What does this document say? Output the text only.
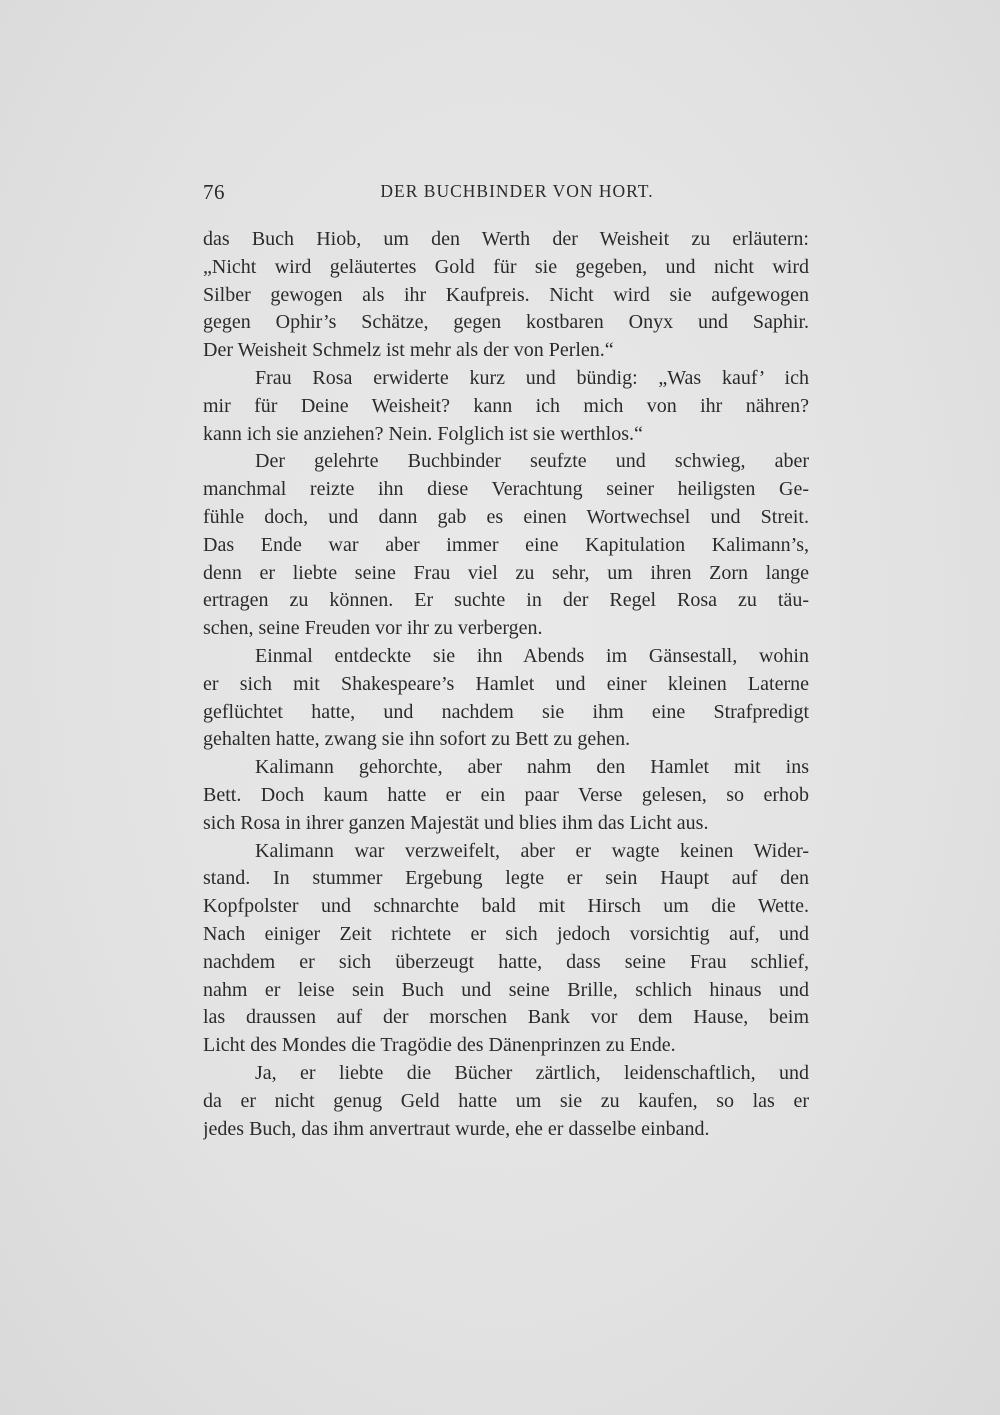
76	DER BUCHBINDER VON HORT.
das Buch Hiob, um den Werth der Weisheit zu erläutern:
„Nicht wird geläutertes Gold für sie gegeben, und nicht wird
Silber gewogen als ihr Kaufpreis. Nicht wird sie aufgewogen
gegen Ophir’s Schätze, gegen kostbaren Onyx und Saphir.
Der Weisheit Schmelz ist mehr als der von Perlen.“
Frau Rosa erwiderte kurz und bündig: „Was kauf’ ich
mir für Deine Weisheit? kann ich mich von ihr nähren?
kann ich sie anziehen? Nein. Folglich ist sie werthlos.“
Der gelehrte Buchbinder seufzte und schwieg, aber
manchmal reizte ihn diese Verachtung seiner heiligsten Ge-
fühle doch, und dann gab es einen Wortwechsel und Streit.
Das Ende war aber immer eine Kapitulation Kalimann’s,
denn er liebte seine Frau viel zu sehr, um ihren Zorn lange
ertragen zu können. Er suchte in der Regel Rosa zu täu-
schen, seine Freuden vor ihr zu verbergen.
Einmal entdeckte sie ihn Abends im Gänsestall, wohin
er sich mit Shakespeare’s Hamlet und einer kleinen Laterne
geflüchtet hatte, und nachdem sie ihm eine Strafpredigt
gehalten hatte, zwang sie ihn sofort zu Bett zu gehen.
Kalimann gehorchte, aber nahm den Hamlet mit ins
Bett. Doch kaum hatte er ein paar Verse gelesen, so erhob
sich Rosa in ihrer ganzen Majestät und blies ihm das Licht aus.
Kalimann war verzweifelt, aber er wagte keinen Wider-
stand. In stummer Ergebung legte er sein Haupt auf den
Kopfpolster und schnarchte bald mit Hirsch um die Wette.
Nach einiger Zeit richtete er sich jedoch vorsichtig auf, und
nachdem er sich überzeugt hatte, dass seine Frau schlief,
nahm er leise sein Buch und seine Brille, schlich hinaus und
las draussen auf der morschen Bank vor dem Hause, beim
Licht des Mondes die Tragödie des Dänenprinzen zu Ende.
Ja, er liebte die Bücher zärtlich, leidenschaftlich, und
da er nicht genug Geld hatte um sie zu kaufen, so las er
jedes Buch, das ihm anvertraut wurde, ehe er dasselbe einband.
